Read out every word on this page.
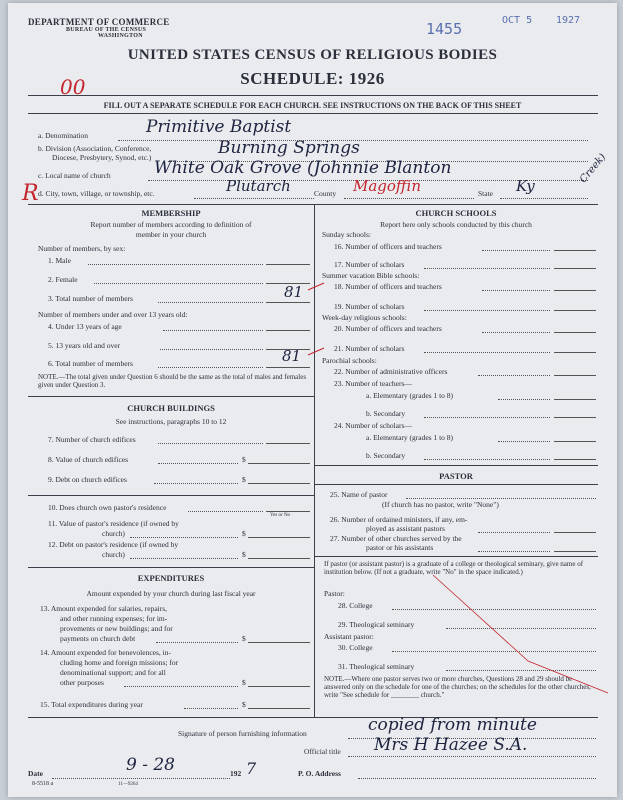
DEPARTMENT OF COMMERCE
BUREAU OF THE CENSUS
WASHINGTON	1455	OCT 5 1927
UNITED STATES CENSUS OF RELIGIOUS BODIES
SCHEDULE: 1926
00
FILL OUT A SEPARATE SCHEDULE FOR EACH CHURCH. SEE INSTRUCTIONS ON THE BACK OF THIS SHEET
a. Denomination	Primitive Baptist
b. Division (Association, Conference,
Diocese, Presbytery, Synod, etc.)	Burning Springs
c. Local name of church	White Oak Grove (Johnnie Blanton	Creek)
R d. City, town, village, or township, etc.	Plutarch	County Magoffin	State Ky
MEMBERSHIP
Report number of members according to definition of
member in your church
Number of members, by sex:
1. Male
2. Female
3. Total number of members	81
Number of members under and over 13 years old:
4. Under 13 years of age
5. 13 years old and over
6. Total number of members	81
NOTE.—The total given under Question 6 should be the same as the total of males and females given under Question 3.
CHURCH BUILDINGS
See instructions, paragraphs 10 to 12
7. Number of church edifices
8. Value of church edifices	$
9. Debt on church edifices	$
10. Does church own pastor's residence
Yes or No
11. Value of pastor's residence (if owned by
church)	$
12. Debt on pastor's residence (if owned by
church)	$
EXPENDITURES
Amount expended by your church during last fiscal year
13. Amount expended for salaries, repairs,
and other running expenses; for im-
provements or new buildings; and for
payments on church debt	$
14. Amount expended for benevolences, in-
cluding home and foreign missions; for
denominational support; and for all
other purposes	$
15. Total expenditures during year	$
CHURCH SCHOOLS
Report here only schools conducted by this church
Sunday schools:
16. Number of officers and teachers
17. Number of scholars
Summer vacation Bible schools:
18. Number of officers and teachers
19. Number of scholars
Week-day religious schools:
20. Number of officers and teachers
21. Number of scholars
Parochial schools:
22. Number of administrative officers
23. Number of teachers—
a. Elementary (grades 1 to 8)
b. Secondary
24. Number of scholars—
a. Elementary (grades 1 to 8)
b. Secondary
PASTOR
25. Name of pastor
(If church has no pastor, write "None")
26. Number of ordained ministers, if any, em-
ployed as assistant pastors
27. Number of other churches served by the
pastor or his assistants
If pastor (or assistant pastor) is a graduate of a college or theological seminary, give name of institution below. (If not a graduate, write "No" in the space indicated.)
Pastor:
28. College
29. Theological seminary
Assistant pastor:
30. College
31. Theological seminary
NOTE.—Where one pastor serves two or more churches, Questions 28 and 29 should be answered only on the schedule for one of the churches; on the schedules for the other churches, write "See schedule for ________ church."
Signature of person furnishing information	copied from minute
Official title Mrs H Hazee S.A.
Date	9 - 28	192 7	P. O. Address
8-5518 a	11—9264
